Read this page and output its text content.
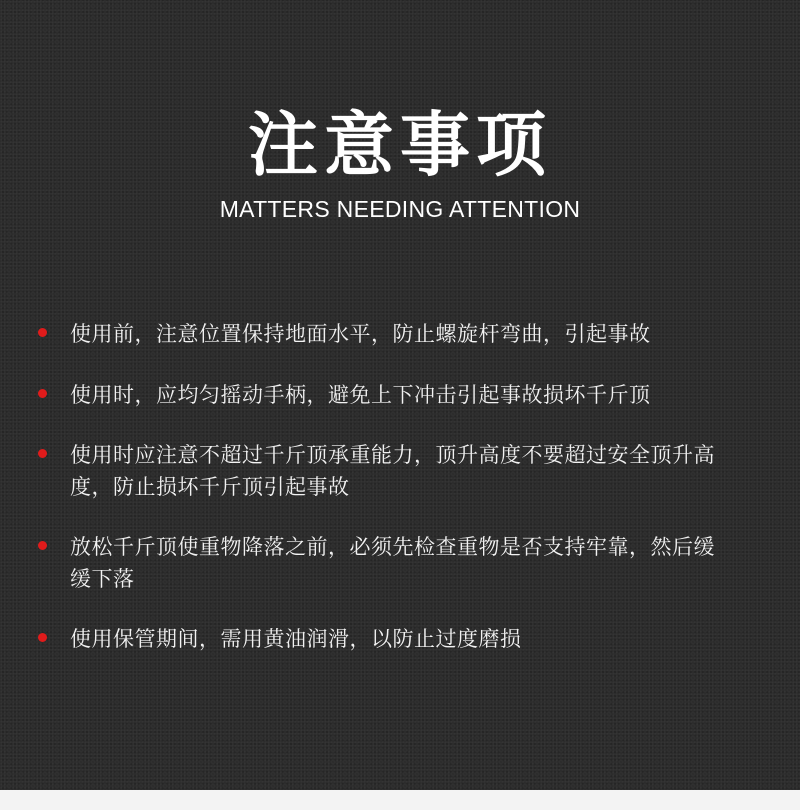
注意事项
MATTERS NEEDING ATTENTION
使用前，注意位置保持地面水平，防止螺旋杆弯曲，引起事故
使用时，应均匀摇动手柄，避免上下冲击引起事故损坏千斤顶
使用时应注意不超过千斤顶承重能力，顶升高度不要超过安全顶升高度，防止损坏千斤顶引起事故
放松千斤顶使重物降落之前，必须先检查重物是否支持牢靠，然后缓缓下落
使用保管期间，需用黄油润滑，以防止过度磨损
